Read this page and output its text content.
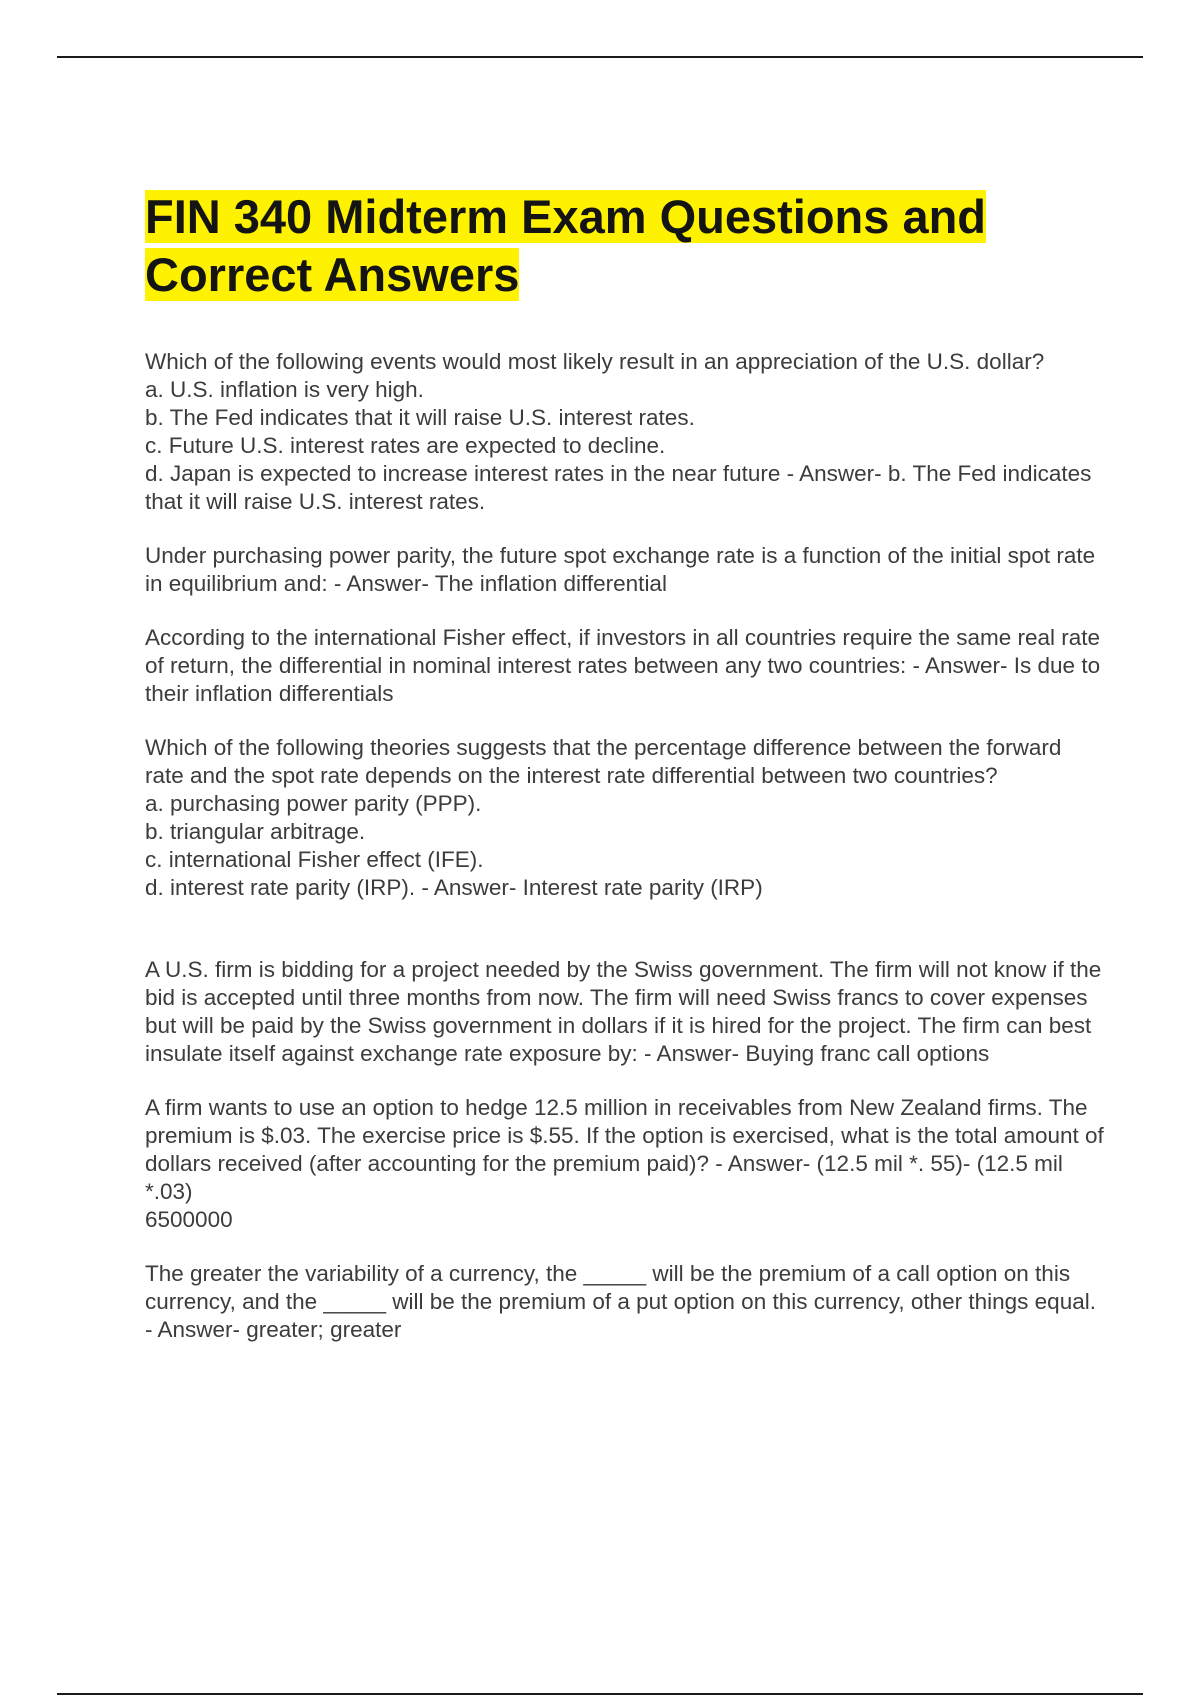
FIN 340 Midterm Exam Questions and Correct Answers

Which of the following events would most likely result in an appreciation of the U.S. dollar?
a. U.S. inflation is very high.
b. The Fed indicates that it will raise U.S. interest rates.
c. Future U.S. interest rates are expected to decline.
d. Japan is expected to increase interest rates in the near future - Answer- b. The Fed indicates that it will raise U.S. interest rates.

Under purchasing power parity, the future spot exchange rate is a function of the initial spot rate in equilibrium and: - Answer- The inflation differential

According to the international Fisher effect, if investors in all countries require the same real rate of return, the differential in nominal interest rates between any two countries: - Answer- Is due to their inflation differentials

Which of the following theories suggests that the percentage difference between the forward rate and the spot rate depends on the interest rate differential between two countries?
a. purchasing power parity (PPP).
b. triangular arbitrage.
c. international Fisher effect (IFE).
d. interest rate parity (IRP). - Answer- Interest rate parity (IRP)

A U.S. firm is bidding for a project needed by the Swiss government. The firm will not know if the bid is accepted until three months from now. The firm will need Swiss francs to cover expenses but will be paid by the Swiss government in dollars if it is hired for the project. The firm can best insulate itself against exchange rate exposure by: - Answer- Buying franc call options

A firm wants to use an option to hedge 12.5 million in receivables from New Zealand firms. The premium is $.03. The exercise price is $.55. If the option is exercised, what is the total amount of dollars received (after accounting for the premium paid)? - Answer- (12.5 mil *. 55)- (12.5 mil *.03)
6500000

The greater the variability of a currency, the _____ will be the premium of a call option on this currency, and the _____ will be the premium of a put option on this currency, other things equal. - Answer- greater; greater
